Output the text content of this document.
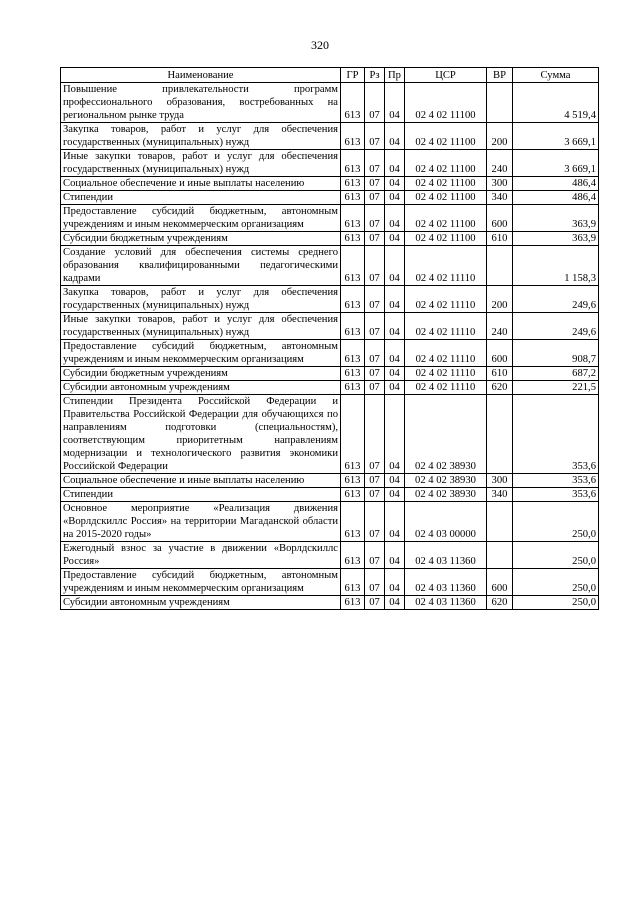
320
Наименование	ГР	Рз	Пр	ЦСР	ВР	Сумма
Повышение привлекательности программ профессионального образования, востребованных на региональном рынке труда	613	07	04	02 4 02 11100		4 519,4
Закупка товаров, работ и услуг для обеспечения государственных (муниципальных) нужд	613	07	04	02 4 02 11100	200	3 669,1
Иные закупки товаров, работ и услуг для обеспечения государственных (муниципальных) нужд	613	07	04	02 4 02 11100	240	3 669,1
Социальное обеспечение и иные выплаты населению	613	07	04	02 4 02 11100	300	486,4
Стипендии	613	07	04	02 4 02 11100	340	486,4
Предоставление субсидий бюджетным, автономным учреждениям и иным некоммерческим организациям	613	07	04	02 4 02 11100	600	363,9
Субсидии бюджетным учреждениям	613	07	04	02 4 02 11100	610	363,9
Создание условий для обеспечения системы среднего образования квалифицированными педагогическими кадрами	613	07	04	02 4 02 11110		1 158,3
Закупка товаров, работ и услуг для обеспечения государственных (муниципальных) нужд	613	07	04	02 4 02 11110	200	249,6
Иные закупки товаров, работ и услуг для обеспечения государственных (муниципальных) нужд	613	07	04	02 4 02 11110	240	249,6
Предоставление субсидий бюджетным, автономным учреждениям и иным некоммерческим организациям	613	07	04	02 4 02 11110	600	908,7
Субсидии бюджетным учреждениям	613	07	04	02 4 02 11110	610	687,2
Субсидии автономным учреждениям	613	07	04	02 4 02 11110	620	221,5
Стипендии Президента Российской Федерации и Правительства Российской Федерации для обучающихся по направлениям подготовки (специальностям), соответствующим приоритетным направлениям модернизации и технологического развития экономики Российской Федерации	613	07	04	02 4 02 38930		353,6
Социальное обеспечение и иные выплаты населению	613	07	04	02 4 02 38930	300	353,6
Стипендии	613	07	04	02 4 02 38930	340	353,6
Основное мероприятие «Реализация движения «Ворлдскиллс Россия» на территории Магаданской области на 2015-2020 годы»	613	07	04	02 4 03 00000		250,0
Ежегодный взнос за участие в движении «Ворлдскиллс Россия»	613	07	04	02 4 03 11360		250,0
Предоставление субсидий бюджетным, автономным учреждениям и иным некоммерческим организациям	613	07	04	02 4 03 11360	600	250,0
Субсидии автономным учреждениям	613	07	04	02 4 03 11360	620	250,0
